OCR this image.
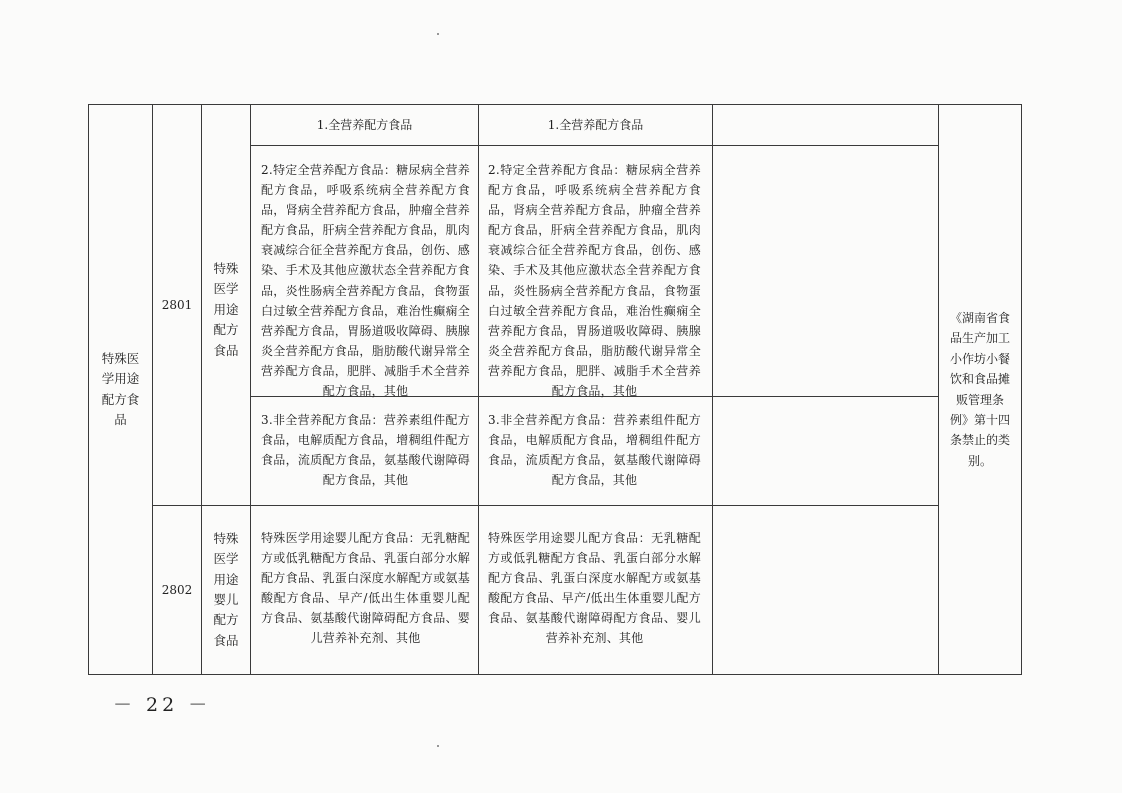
特殊医学用途配方食品
2801
特殊医学用途配方食品
1.全营养配方食品	1.全营养配方食品
2.特定全营养配方食品：糖尿病全营养配方食品，呼吸系统病全营养配方食品，肾病全营养配方食品，肿瘤全营养配方食品，肝病全营养配方食品，肌肉衰减综合征全营养配方食品，创伤、感染、手术及其他应激状态全营养配方食品，炎性肠病全营养配方食品，食物蛋白过敏全营养配方食品，难治性癫痫全营养配方食品，胃肠道吸收障碍、胰腺炎全营养配方食品，脂肪酸代谢异常全营养配方食品，肥胖、减脂手术全营养配方食品，其他
2.特定全营养配方食品：糖尿病全营养配方食品，呼吸系统病全营养配方食品，肾病全营养配方食品，肿瘤全营养配方食品，肝病全营养配方食品，肌肉衰减综合征全营养配方食品，创伤、感染、手术及其他应激状态全营养配方食品，炎性肠病全营养配方食品，食物蛋白过敏全营养配方食品，难治性癫痫全营养配方食品，胃肠道吸收障碍、胰腺炎全营养配方食品，脂肪酸代谢异常全营养配方食品，肥胖、减脂手术全营养配方食品，其他
3.非全营养配方食品：营养素组件配方食品，电解质配方食品，增稠组件配方食品，流质配方食品，氨基酸代谢障碍配方食品，其他
3.非全营养配方食品：营养素组件配方食品，电解质配方食品，增稠组件配方食品，流质配方食品，氨基酸代谢障碍配方食品，其他
2802
特殊医学用途婴儿配方食品
特殊医学用途婴儿配方食品：无乳糖配方或低乳糖配方食品、乳蛋白部分水解配方食品、乳蛋白深度水解配方或氨基酸配方食品、早产/低出生体重婴儿配方食品、氨基酸代谢障碍配方食品、婴儿营养补充剂、其他
特殊医学用途婴儿配方食品：无乳糖配方或低乳糖配方食品、乳蛋白部分水解配方食品、乳蛋白深度水解配方或氨基酸配方食品、早产/低出生体重婴儿配方食品、氨基酸代谢障碍配方食品、婴儿营养补充剂、其他
《湖南省食品生产加工小作坊小餐饮和食品摊贩管理条例》第十四条禁止的类别。
－ 22 －
